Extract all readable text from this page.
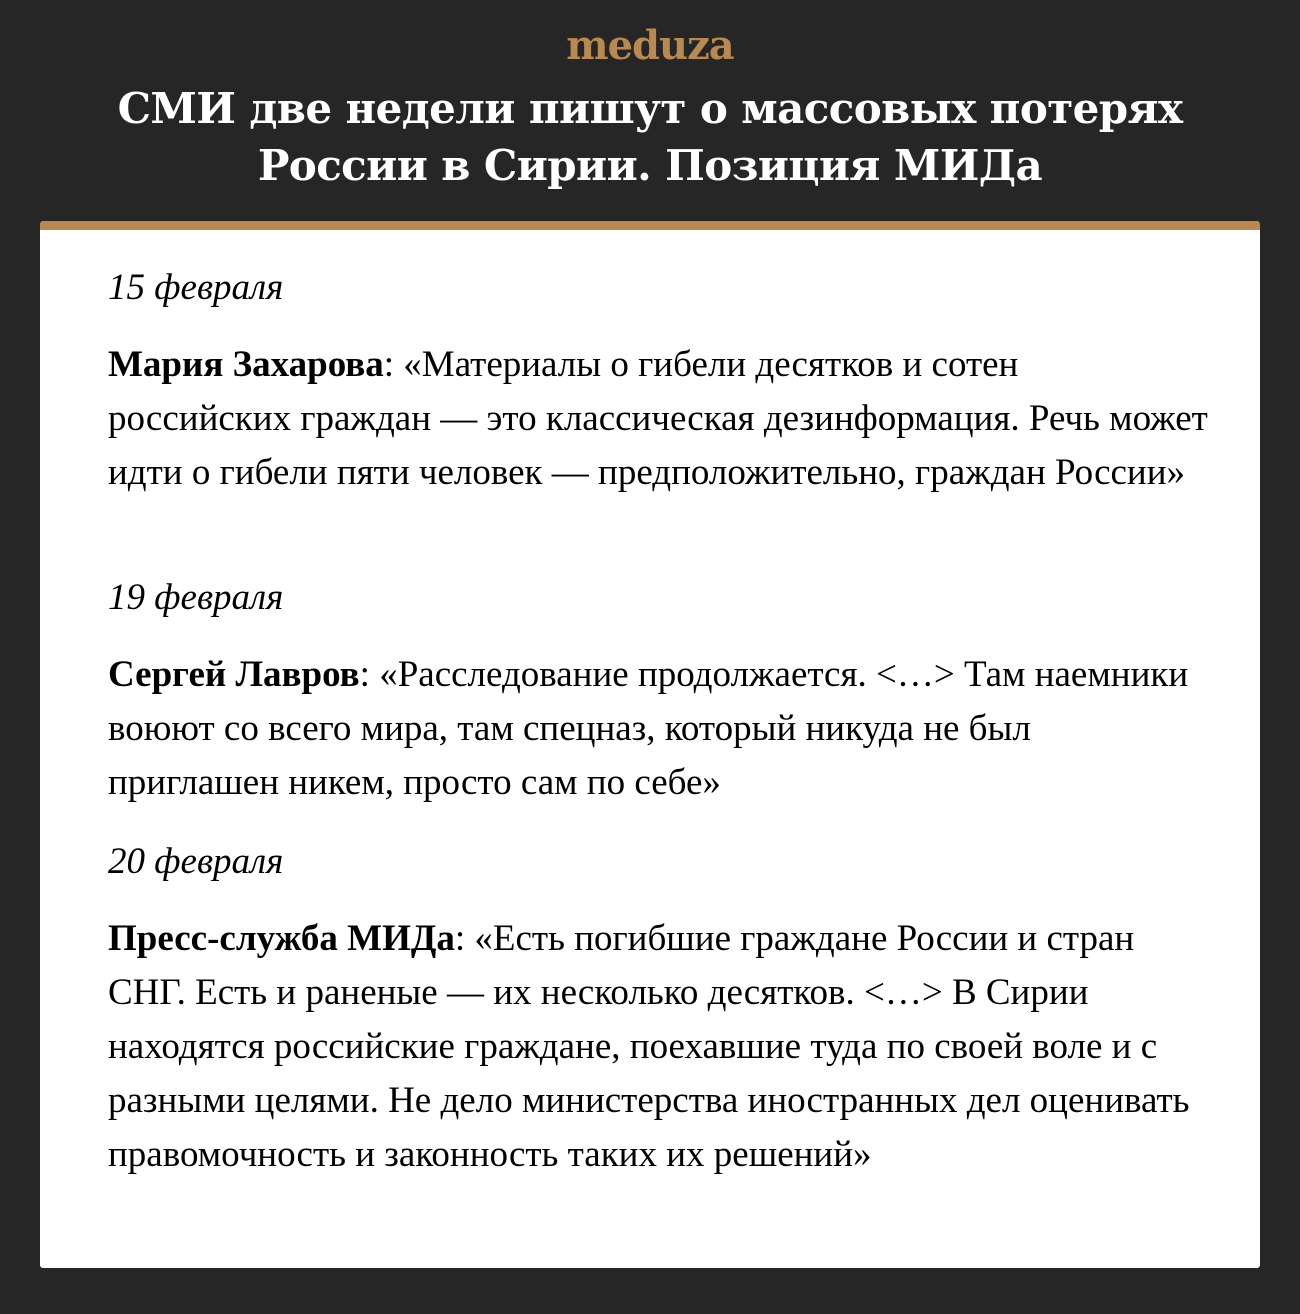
meduza
СМИ две недели пишут о массовых потерях России в Сирии. Позиция МИДа
15 февраля
Мария Захарова: «Материалы о гибели десятков и сотен российских граждан — это классическая дезинформация. Речь может идти о гибели пяти человек — предположительно, граждан России»
19 февраля
Сергей Лавров: «Расследование продолжается. <…> Там наемники воюют со всего мира, там спецназ, который никуда не был приглашен никем, просто сам по себе»
20 февраля
Пресс-служба МИДа: «Есть погибшие граждане России и стран СНГ. Есть и раненые — их несколько десятков. <…> В Сирии находятся российские граждане, поехавшие туда по своей воле и с разными целями. Не дело министерства иностранных дел оценивать правомочность и законность таких их решений»
